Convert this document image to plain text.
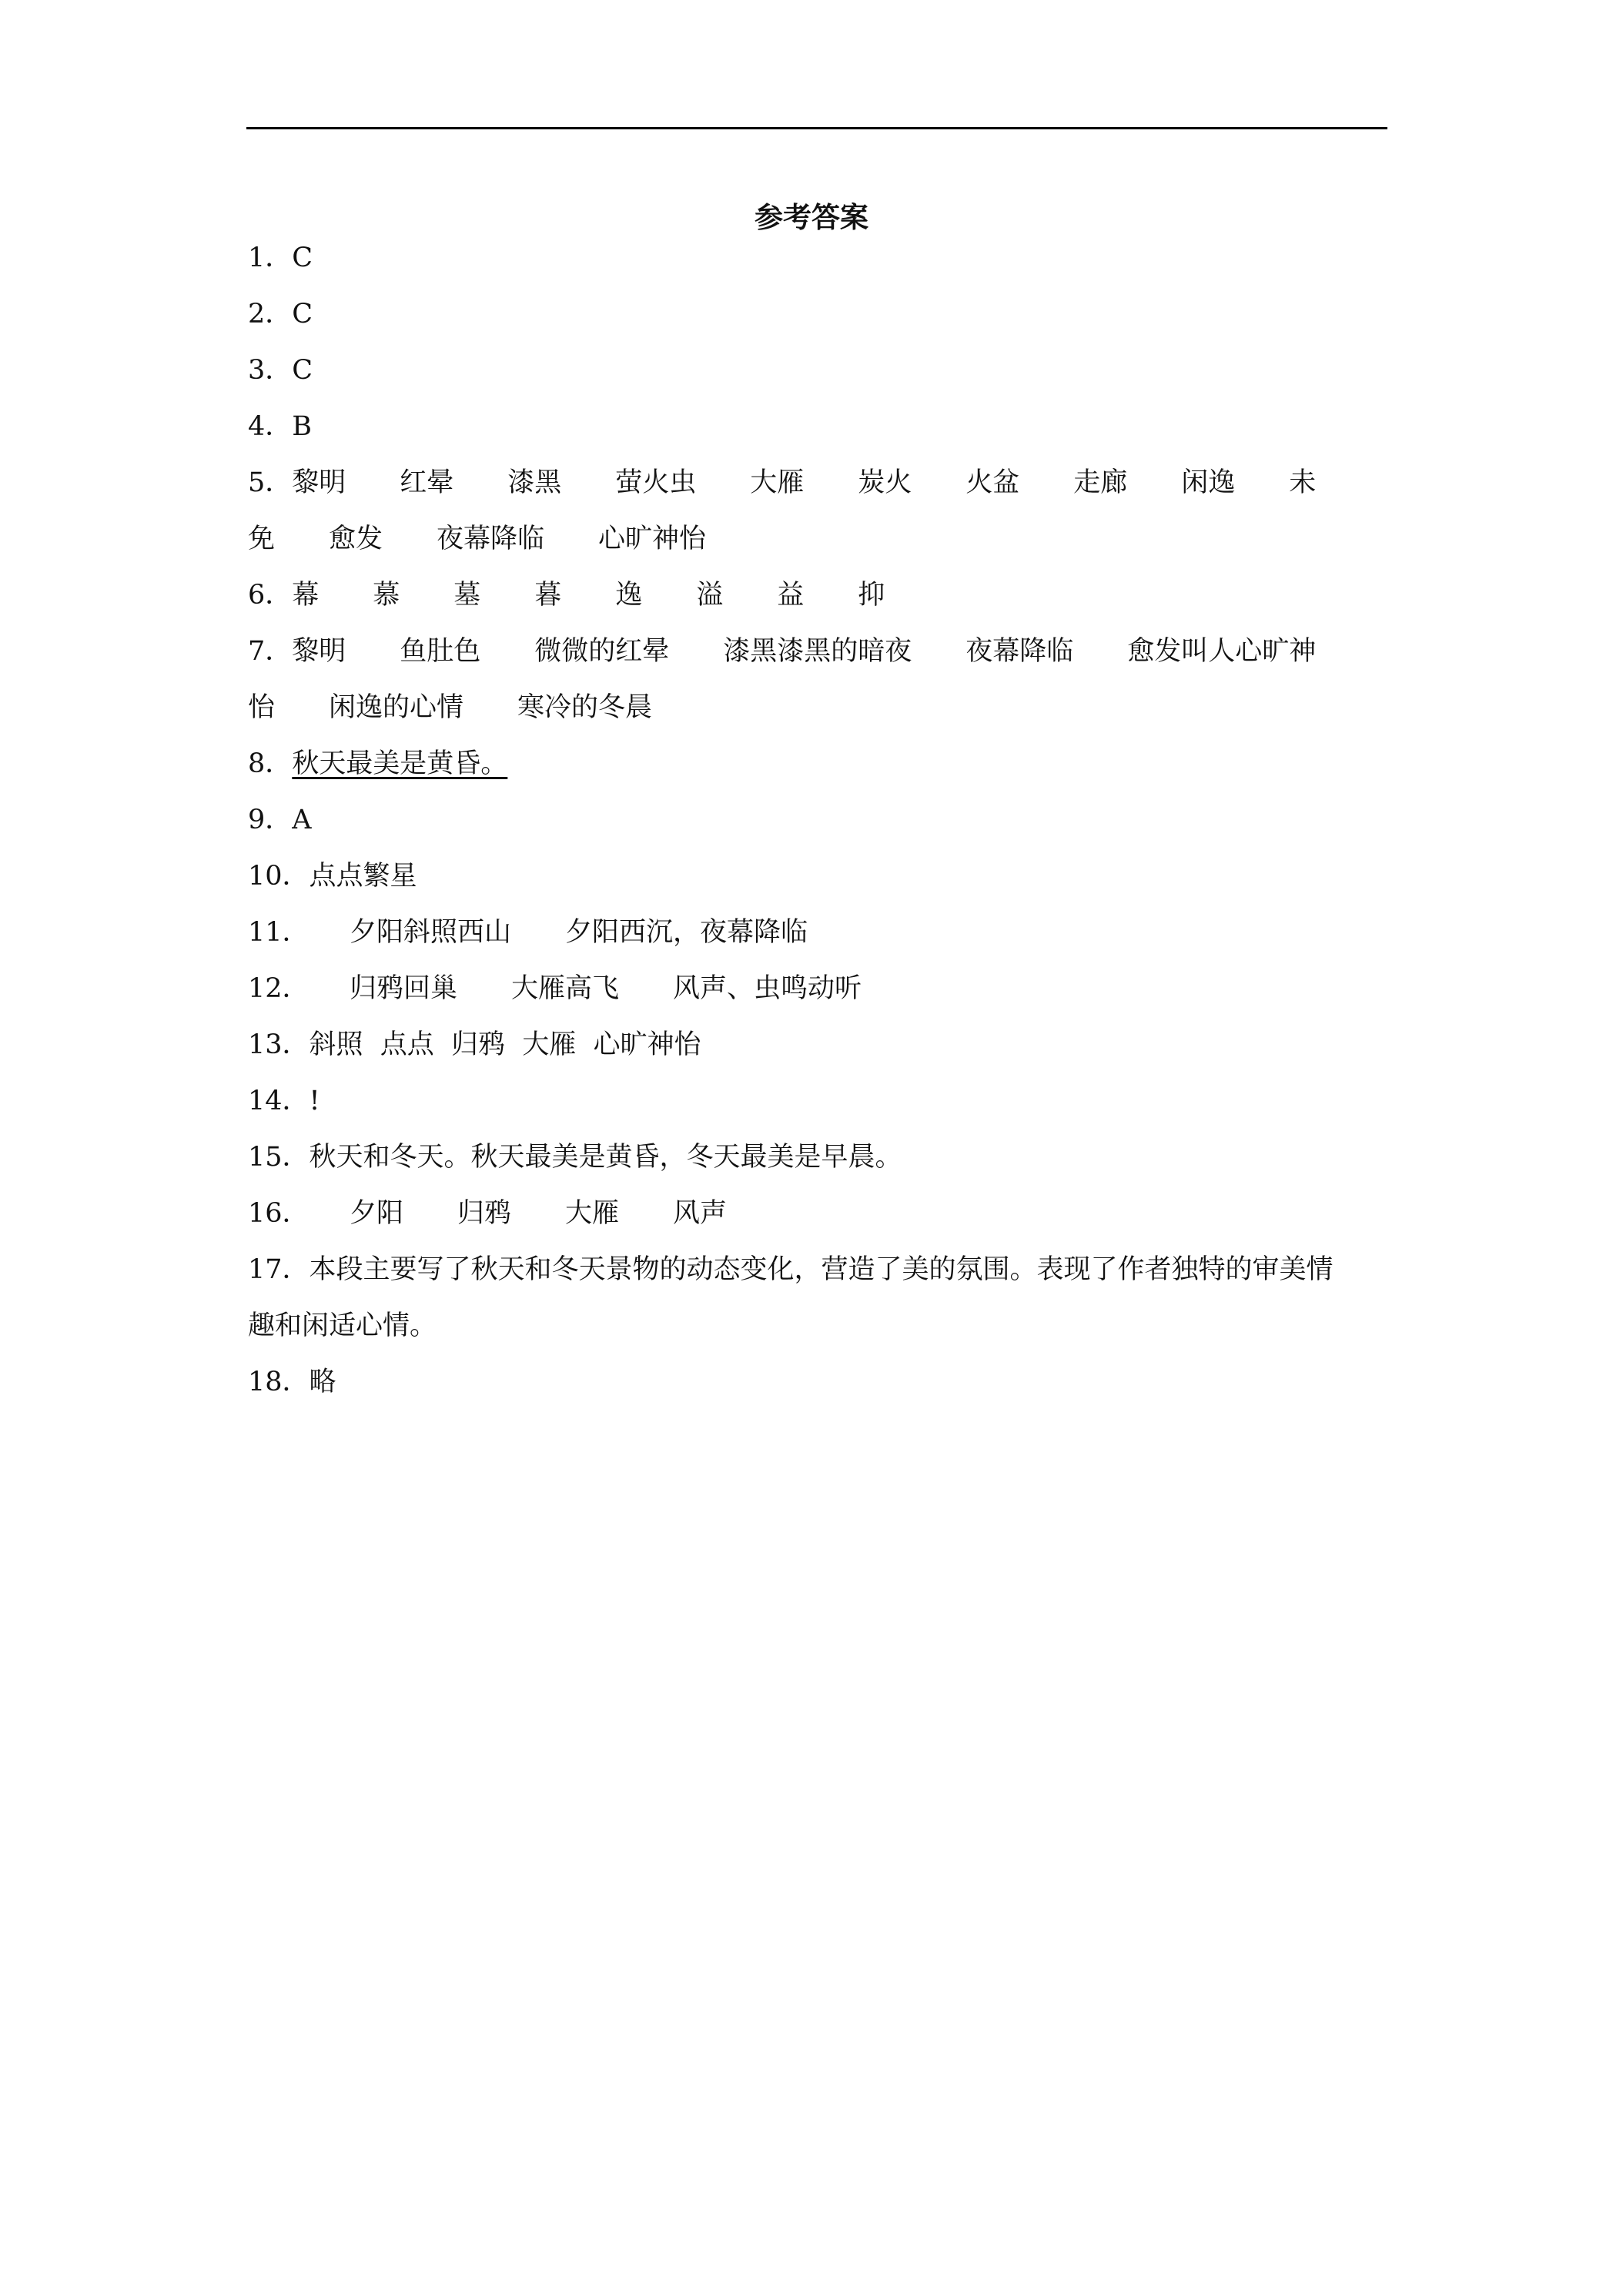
参考答案
1．C
2．C
3．C
4．B
5．黎明　　红晕　　漆黑　　萤火虫　　大雁　　炭火　　火盆　　走廊　　闲逸　　未
免　　愈发　　夜幕降临　　心旷神怡
6．幕　　慕　　墓　　暮　　逸　　溢　　益　　抑
7．黎明　　鱼肚色　　微微的红晕　　漆黑漆黑的暗夜　　夜幕降临　　愈发叫人心旷神
怡　　闲逸的心情　　寒冷的冬晨
8．秋天最美是黄昏。
9．A
10．点点繁星
11．　　夕阳斜照西山　　夕阳西沉，夜幕降临
12．　　归鸦回巢　　大雁高飞　　风声、虫鸣动听
13．斜照  点点  归鸦  大雁  心旷神怡
14．!
15．秋天和冬天。秋天最美是黄昏，冬天最美是早晨。
16．　　夕阳　　归鸦　　大雁　　风声
17．本段主要写了秋天和冬天景物的动态变化，营造了美的氛围。表现了作者独特的审美情
趣和闲适心情。
18．略
